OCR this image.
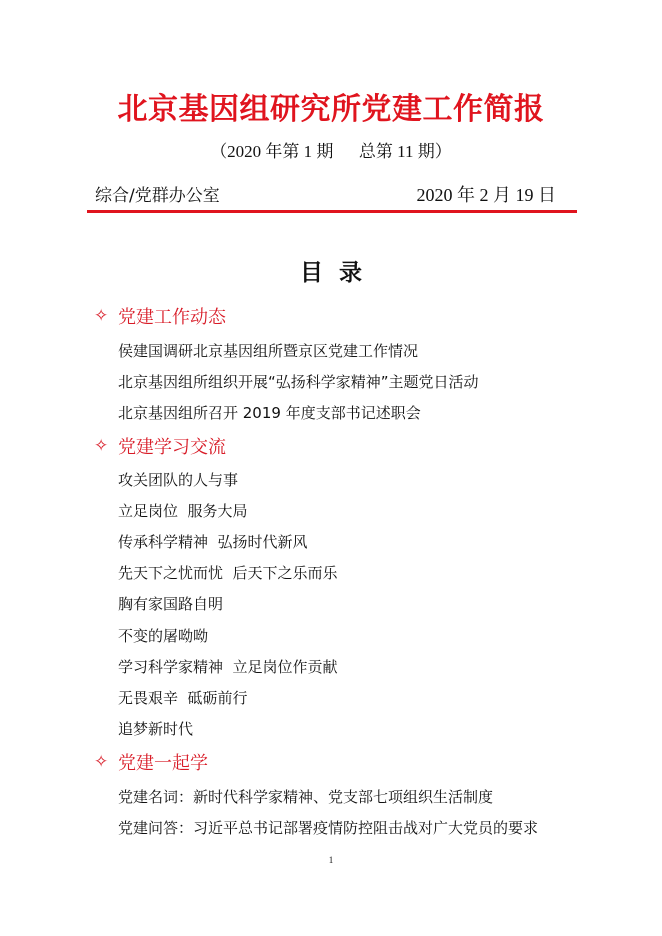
北京基因组研究所党建工作简报
（2020 年第 1 期      总第 11 期）
综合/党群办公室	2020 年 2 月 19 日
目  录
✧ 党建工作动态
侯建国调研北京基因组所暨京区党建工作情况
北京基因组所组织开展“弘扬科学家精神”主题党日活动
北京基因组所召开 2019 年度支部书记述职会
✧ 党建学习交流
攻关团队的人与事
立足岗位  服务大局
传承科学精神  弘扬时代新风
先天下之忧而忧  后天下之乐而乐
胸有家国路自明
不变的屠呦呦
学习科学家精神  立足岗位作贡献
无畏艰辛  砥砺前行
追梦新时代
✧ 党建一起学
党建名词：新时代科学家精神、党支部七项组织生活制度
党建问答：习近平总书记部署疫情防控阻击战对广大党员的要求
1
